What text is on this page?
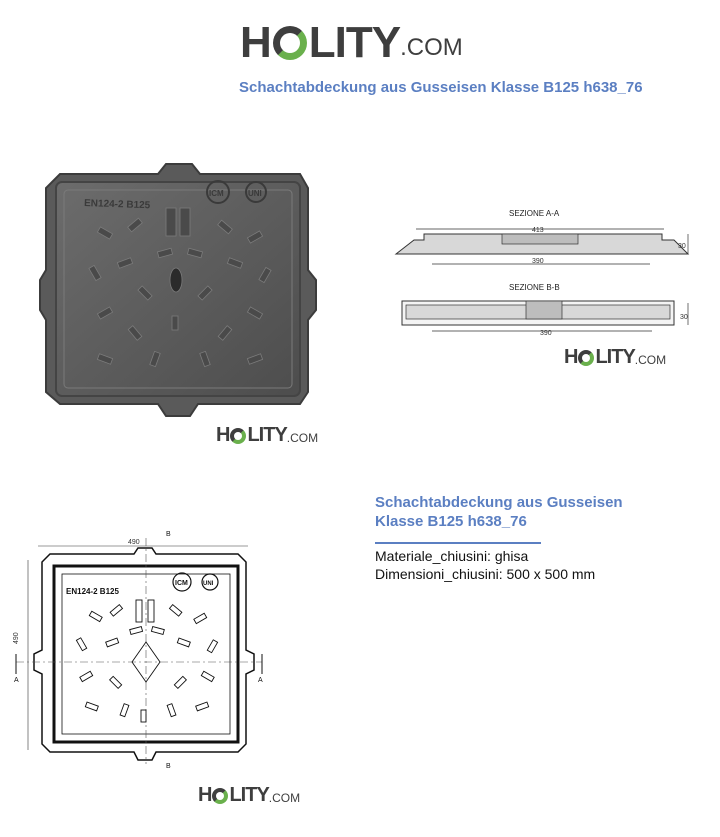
H LITY .COM
Schachtabdeckung aus Gusseisen Klasse B125 h638_76
EN124-2 B125
ICM	UNI
H LITY .COM
SEZIONE A-A
413
390
30
SEZIONE B-B
390
30
H LITY .COM
Schachtabdeckung aus Gusseisen
Klasse B125 h638_76
Materiale_chiusini: ghisa
Dimensioni_chiusini: 500 x 500 mm
490
490
EN124-2 B125
ICM	UNI
A	A
B
B
H LITY .COM
